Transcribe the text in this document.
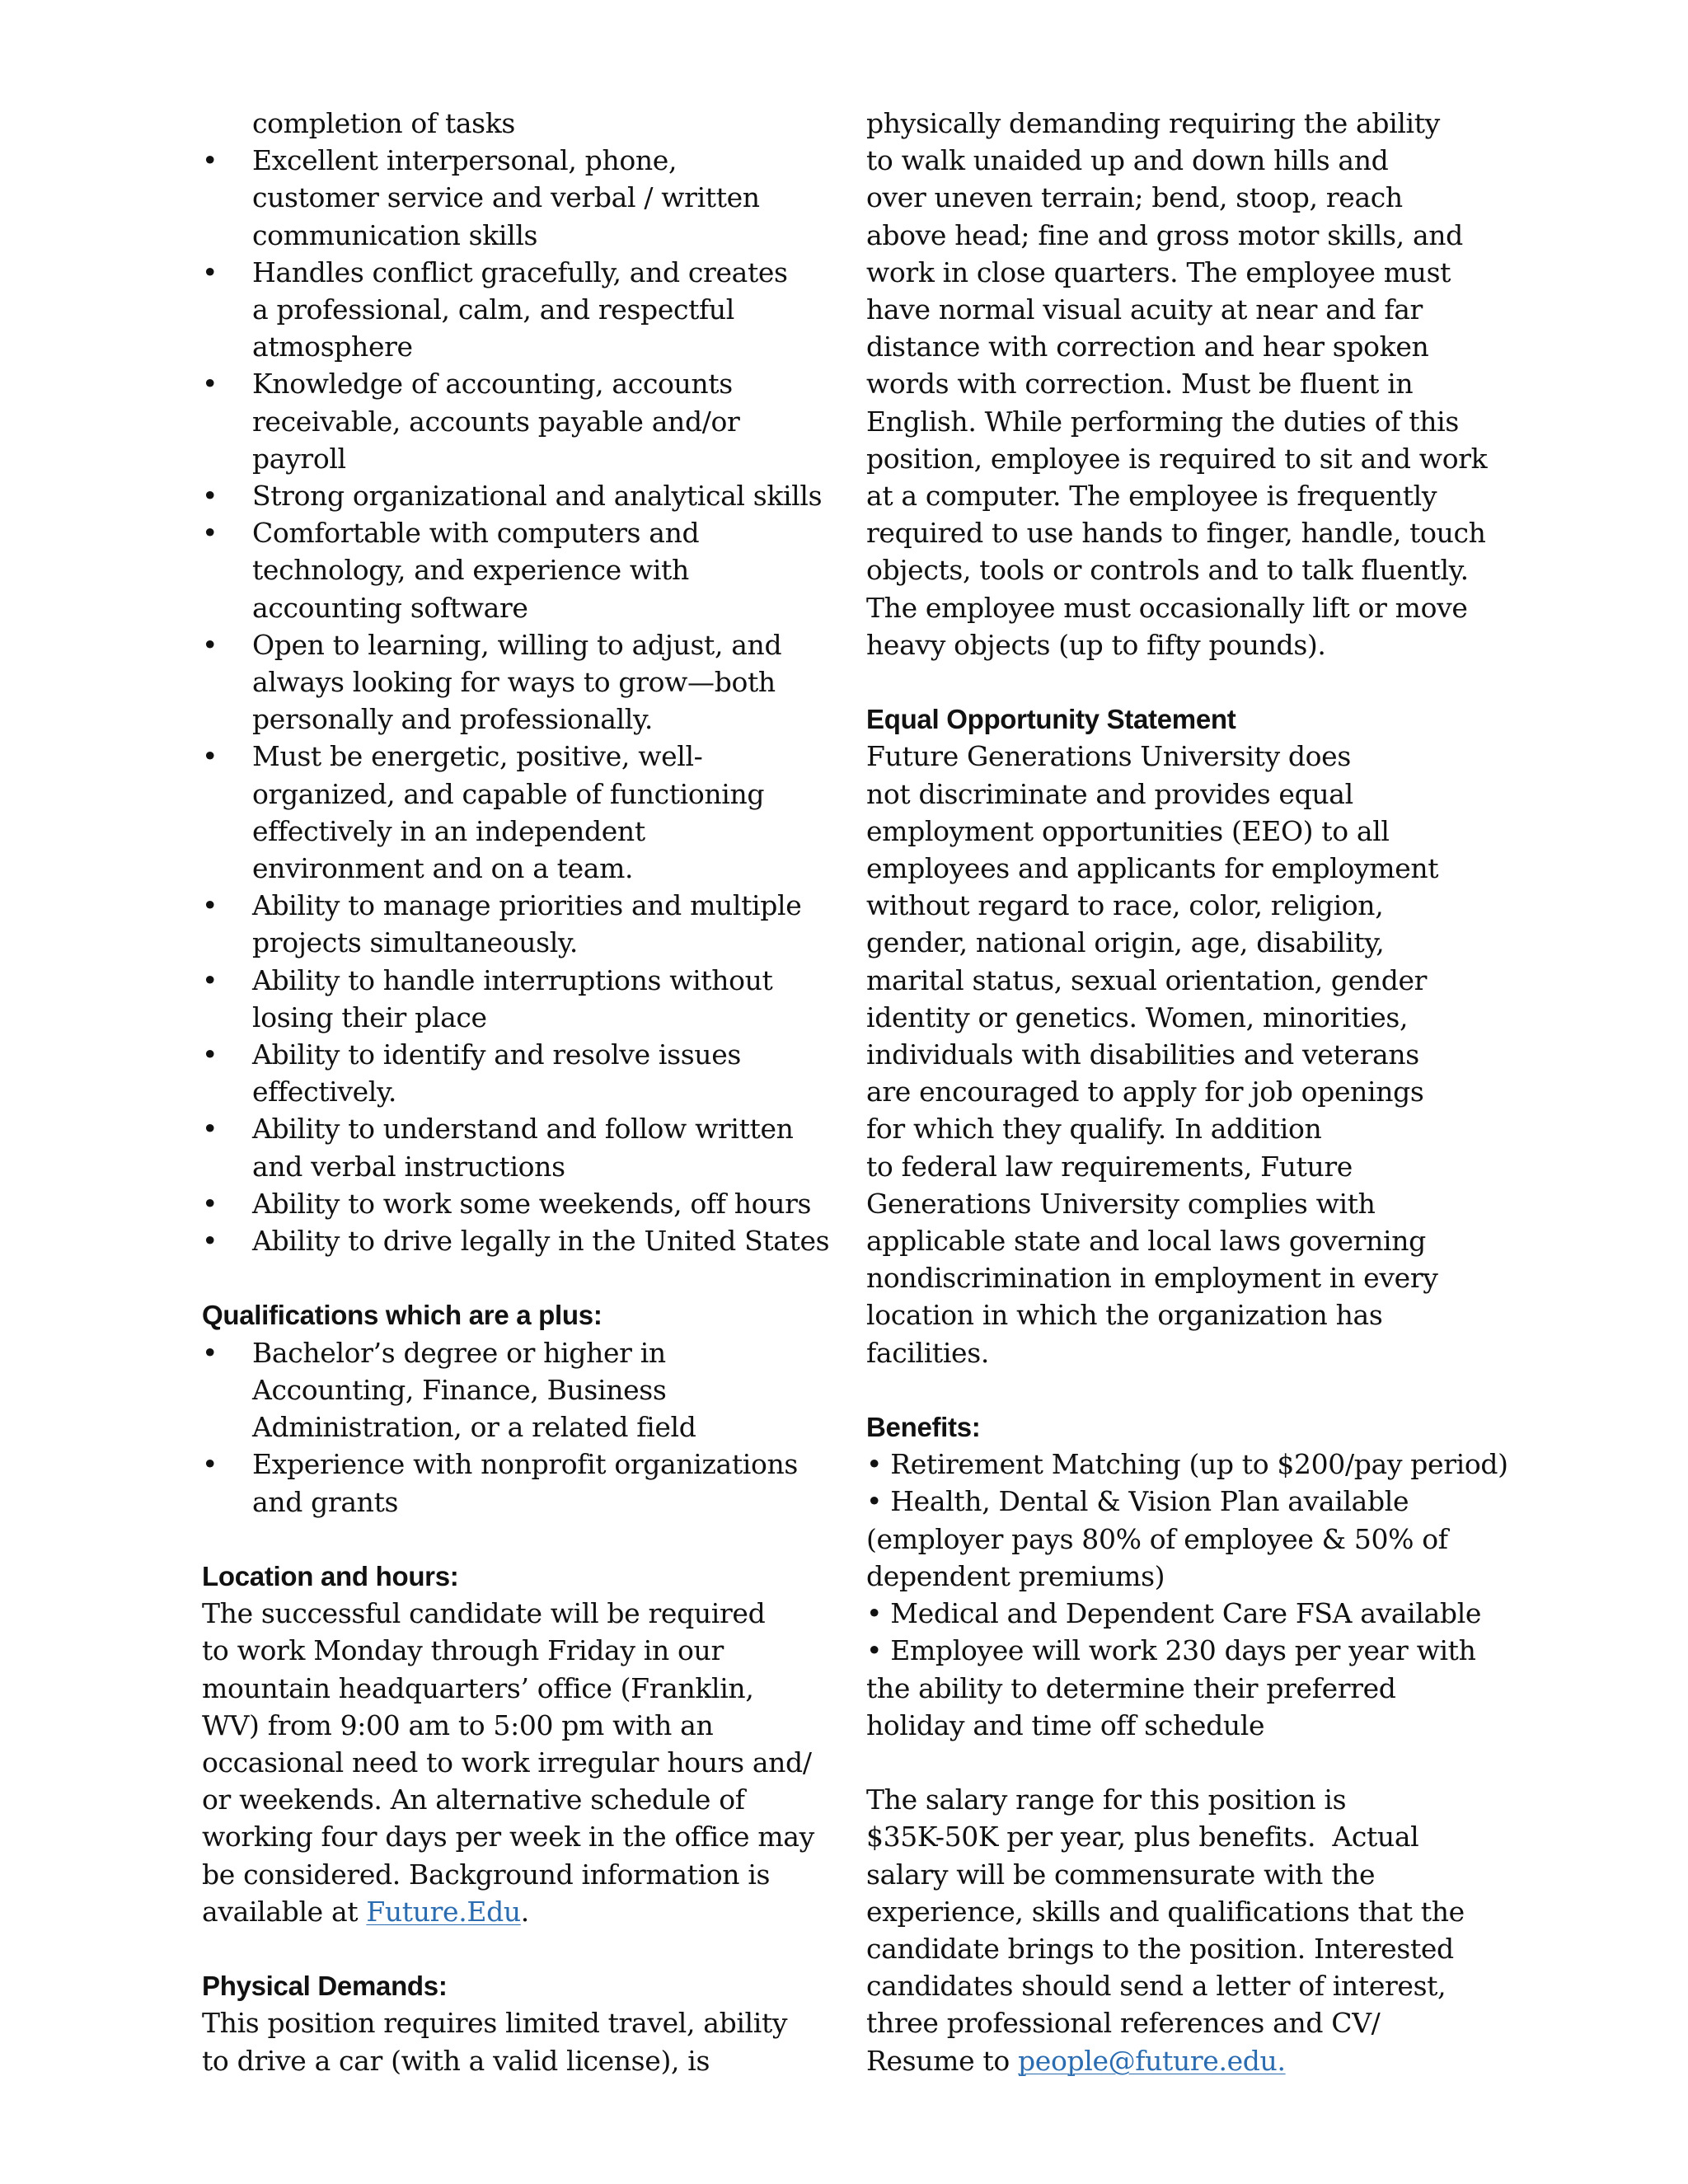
completion of tasks
• Excellent interpersonal, phone,
customer service and verbal / written
communication skills
• Handles conflict gracefully, and creates
a professional, calm, and respectful
atmosphere
• Knowledge of accounting, accounts
receivable, accounts payable and/or
payroll
• Strong organizational and analytical skills
• Comfortable with computers and
technology, and experience with
accounting software
• Open to learning, willing to adjust, and
always looking for ways to grow—both
personally and professionally.
• Must be energetic, positive, well-
organized, and capable of functioning
effectively in an independent
environment and on a team.
• Ability to manage priorities and multiple
projects simultaneously.
• Ability to handle interruptions without
losing their place
• Ability to identify and resolve issues
effectively.
• Ability to understand and follow written
and verbal instructions
• Ability to work some weekends, off hours
• Ability to drive legally in the United States
Qualifications which are a plus:
• Bachelor’s degree or higher in
Accounting, Finance, Business
Administration, or a related field
• Experience with nonprofit organizations
and grants
Location and hours:
The successful candidate will be required
to work Monday through Friday in our
mountain headquarters’ office (Franklin,
WV) from 9:00 am to 5:00 pm with an
occasional need to work irregular hours and/
or weekends. An alternative schedule of
working four days per week in the office may
be considered. Background information is
available at Future.Edu.
Physical Demands:
This position requires limited travel, ability
to drive a car (with a valid license), is
physically demanding requiring the ability
to walk unaided up and down hills and
over uneven terrain; bend, stoop, reach
above head; fine and gross motor skills, and
work in close quarters. The employee must
have normal visual acuity at near and far
distance with correction and hear spoken
words with correction. Must be fluent in
English. While performing the duties of this
position, employee is required to sit and work
at a computer. The employee is frequently
required to use hands to finger, handle, touch
objects, tools or controls and to talk fluently.
The employee must occasionally lift or move
heavy objects (up to fifty pounds).
Equal Opportunity Statement
Future Generations University does
not discriminate and provides equal
employment opportunities (EEO) to all
employees and applicants for employment
without regard to race, color, religion,
gender, national origin, age, disability,
marital status, sexual orientation, gender
identity or genetics. Women, minorities,
individuals with disabilities and veterans
are encouraged to apply for job openings
for which they qualify. In addition
to federal law requirements, Future
Generations University complies with
applicable state and local laws governing
nondiscrimination in employment in every
location in which the organization has
facilities.
Benefits:
• Retirement Matching (up to $200/pay period)
• Health, Dental & Vision Plan available
(employer pays 80% of employee & 50% of
dependent premiums)
• Medical and Dependent Care FSA available
• Employee will work 230 days per year with
the ability to determine their preferred
holiday and time off schedule
The salary range for this position is
$35K-50K per year, plus benefits.  Actual
salary will be commensurate with the
experience, skills and qualifications that the
candidate brings to the position. Interested
candidates should send a letter of interest,
three professional references and CV/
Resume to people@future.edu.
